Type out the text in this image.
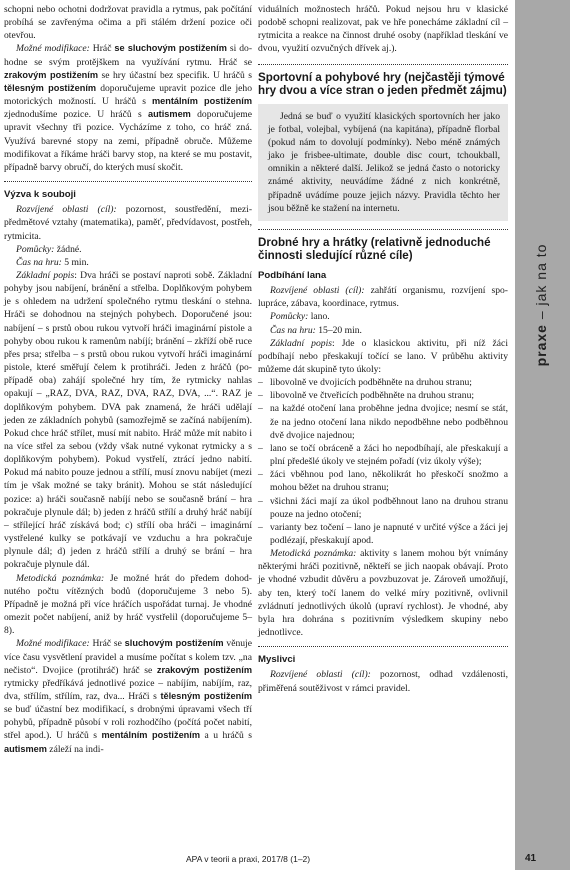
schopni nebo ochotni dodržovat pravidla a rytmus, pak počítání probíhá se zavřenýma očima a při stálém držení pozice oči otevřou.

Možné modifikace: Hráč se sluchovým postižením si dohodne se svým protějškem na využívání rytmu. Hráč se zrakovým postižením se hry účastní bez specifik. U hráčů s tělesným postižením doporučujeme upravit pozice dle jeho motorických možností. U hráčů s mentálním postižením zjednodušíme pozice. U hráčů s autismem doporučujeme upravit všechny tři pozice. Vycházíme z toho, co hráč zná. Využívá barevné stopy na zemi, případně obruče. Můžeme modifikovat a říkáme hráči barvy stop, na které se mu postavit, případně barvy obručí, do kterých musí skočit.

Výzva k souboji

Rozvíjené oblasti (cíl): pozornost, soustředění, mezipředmětové vztahy (matematika), paměť, předvídavost, postřeh, rytmicita.

Pomůcky: žádné.

Čas na hru: 5 min.

Základní popis: Dva hráči se postaví naproti sobě. Základní pohyby jsou nabíjení, bránění a střelba. Doplňkovým pohybem je s ohledem na udržení společného rytmu tleskání o stehna. Hráči se dohodnou na stejných pohybech. Doporučené jsou: nabíjení – s prstů obou rukou vytvoří hráči imaginární pistole a pohyby obou rukou k ramenům nabíjí; bránění – zkříží obě ruce přes prsa; střelba – s prstů obou rukou vytvoří hráči imaginární pistole, které směřují čelem k protihráči. Jeden z hráčů (popřípadě oba) zahájí společné hry tím, že rytmicky nahlas opakují – „RAZ, DVA, RAZ, DVA, RAZ, DVA, ...“. RAZ je doplňkovým pohybem. DVA pak znamená, že hráči udělají jeden ze základních pohybů (samozřejmě se začíná nabíjením). Pokud chce hráč střílet, musí mít nabito. Hráč může mít nabito i na více střel za sebou (vždy však nutné vykonat rytmicky a s doplňkovým pohybem). Pokud vystřelí, ztrácí jedno nabití. Pokud má nabito pouze jednou a střílí, musí znovu nabíjet (mezi tím je však možné se taky bránit). Mohou se stát následující pozice: a) hráči současně nabíjí nebo se současně brání – hra pokračuje plynule dál; b) jeden z hráčů střílí a druhý hráč nabíjí – střílející hráč získává bod; c) střílí oba hráči – imaginární vystřelené kulky se potkávají ve vzduchu a hra pokračuje plynule dál; d) jeden z hráčů střílí a druhý se brání – hra pokračuje plynule dál.

Metodická poznámka: Je možné hrát do předem dohodnutého počtu vítězných bodů (doporučujeme 3 nebo 5). Případně je možná při více hráčích uspořádat turnaj. Je vhodné omezit počet nabíjení, aniž by hráč vystřelil (doporučujeme 5–8).

Možné modifikace: Hráč se sluchovým postižením věnuje více času vysvětlení pravidel a musíme počítat s kolem tzv. „na nečisto“. Dvojice (protihráč) hráč se zrakovým postižením rytmicky předříkává jednotlivé pozice – nabíjím, nabíjím, raz, dva, střílím, střílím, raz, dva... Hráči s tělesným postižením se buď účastní bez modifikací, s drobnými úpravami všech tří pohybů, případně působí v roli rozhodčího (počítá počet nabití, střel apod.). U hráčů s mentálním postižením a u hráčů s autismem záleží na indi-

viduálních možnostech hráčů. Pokud nejsou hru v klasické podobě schopni realizovat, pak ve hře ponecháme základní cíl – rytmicita a reakce na činnost druhé osoby (například tleskání ve dvou, využití ozvučných dřívek aj.).

Sportovní a pohybové hry (nejčastěji týmové hry dvou a více stran o jeden předmět zájmu)

Jedná se buď o využití klasických sportovních her jako je fotbal, volejbal, vybíjená (na kapitána), případně florbal (pokud nám to dovolují podmínky). Nebo méně známých jako je frisbee-ultimate, double disc court, tchoukball, omnikin a některé další. Jelikož se jedná často o notoricky známé aktivity, neuvádíme žádné z nich konkrétně, případně uvádíme pouze jejich názvy. Pravidla těchto her jsou běžně ke stažení na internetu.

Drobné hry a hrátky (relativně jednoduché činnosti sledující různé cíle)
Podbíhání lana

Rozvíjené oblasti (cíl): zahřátí organismu, rozvíjení spolupráce, zábava, koordinace, rytmus.

Pomůcky: lano.

Čas na hru: 15–20 min.

Základní popis: Jde o klasickou aktivitu, při níž žáci podbíhají nebo přeskakují točící se lano. V průběhu aktivity můžeme dát skupině tyto úkoly:

– libovolně ve dvojicích podběhněte na druhou stranu;
– libovolně ve čtveřicích podběhněte na druhou stranu;
– na každé otočení lana proběhne jedna dvojice; nesmí se stát, že na jedno otočení lana nikdo nepodběhne nebo podběhnou dvě dvojice najednou;
– lano se točí obráceně a žáci ho nepodbíhají, ale přeskakují a plní předešlé úkoly ve stejném pořadí (viz úkoly výše);
– žáci vběhnou pod lano, několikrát ho přeskočí snožmo a mohou běžet na druhou stranu;
– všichni žáci mají za úkol podběhnout lano na druhou stranu pouze na jedno otočení;
– varianty bez točení – lano je napnuté v určité výšce a žáci jej podlézají, přeskakují apod.

Metodická poznámka: aktivity s lanem mohou být vnímány některými hráči pozitivně, někteří se jich naopak obávají. Proto je vhodné vzbudit důvěru a povzbuzovat je. Zároveň umožňují, aby ten, který točí lanem do velké míry pozitivně, ovlivnil zvládnutí jednotlivých úkolů (upraví rychlost). Je vhodné, aby byla hra dohrána s pozitivním výsledkem skupiny nebo jednotlivce.

Myslivci

Rozvíjené oblasti (cíl): pozornost, odhad vzdálenosti, přiměřená soutěživost v rámci pravidel.

praxe – jak na to
APA v teorii a praxi, 2017/8 (1–2)	41
